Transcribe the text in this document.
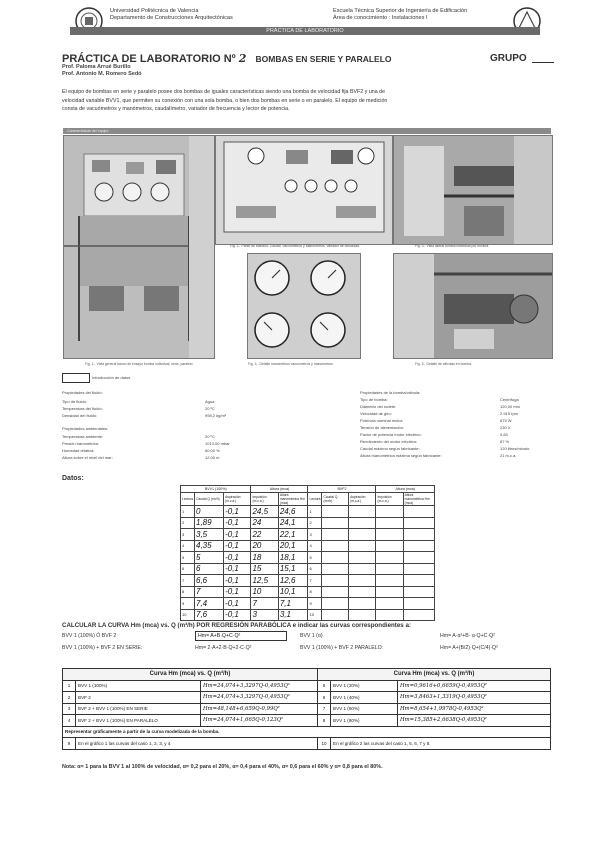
Universidad Politécnica de Valencia
Departamento de Construcciones Arquitectónicas
Escuela Técnica Superior de Ingeniería de Edificación
Área de conocimiento : Instalaciones I
PRÁCTICA DE LABORATORIO
PRÁCTICA DE LABORATORIO Nº 2 BOMBAS EN SERIE Y PARALELO	GRUPO
Prof. Paloma Arrué Burillo
Prof. Antonio M. Romero Sedó
El equipo de bombas en serie y paralelo posee dos bombas de iguales características siendo una bomba de velocidad fija BVF2 y una de
velocidad variable BVV1, que permiten su conexión con una sola bomba, o bien dos bombas en serie o en paralelo. El equipo de medición
consta de vacuómetros y manómetros, caudalímetro, variador de frecuencia y lector de potencia.
Características del equipo
Fig. 1.- Vista general banco de ensayo bomba individual, serie, paralelo.
Fig. 2.- Panel de Mandos: Caudal, Vacuómetros y Manómetros, Variador de velocidad.	Fig. 3.- Vista lateral bomba individual por encima.
Fig. 4.- Detalle manómetros vacuómetros y manómetros.	Fig. 5.- Detalle de válvulas en bomba.
Introducción de datos
Propiedades del fluido:
Tipo de fluido:	Agua
Temperatura del fluido:	20 ºC
Densidad del fluido:	998,2 kg/m³
Propiedades ambientales:
Temperatura ambiente:	20 ºC
Presión barométrica:	1013,00 mbar
Humedad relativa:	60,00 %
Altura sobre el nivel del mar:	12,00 m
Propiedades de la bomba/válvula:
Tipo de bomba:	Centrífuga
Diámetro del rodete:	120,00 mm
Velocidad de giro:	2.915 rpm
Potencia nominal motor:	675 W
Tensión de alimentación:	230 V
Factor de potencia motor eléctrico:	0,83
Rendimiento del motor eléctrico:	87 %
Caudal máximo según fabricante:	120 litros/minuto
Altura manométrica máxima según fabricante:	21 m.c.a.
Datos:
BVV1 (100%)			Altura (mca)		BVF2			Altura (mca)	
Lectura	Caudal Q (m³/h)	Aspiración (m.c.a.)	Impulsión (m.c.a.)	Altura manométrica Hm (mca)	Lectura	Caudal Q (m³/h)	Aspiración (m.c.a.)	Impulsión (m.c.a.)	Altura manométrica Hm (mca)
1	0	-0,1	24,5	24,6	1				
2	1,89	-0,1	24	24,1	2				
3	3,5	-0,1	22	22,1	3				
4	4,35	-0,1	20	20,1	4				
5	5	-0,1	18	18,1	5				
6	6	-0,1	15	15,1	6				
7	6,6	-0,1	12,5	12,6	7				
8	7	-0,1	10	10,1	8				
9	7,4	-0,1	7	7,1	9				
10	7,6	-0,1	3	3,1	10				
CALCULAR LA CURVA Hm (mca) vs. Q (m³/h) POR REGRESIÓN PARABÓLICA e indicar las curvas correspondientes a:
BVV 1 (100%) Ó BVF 2	Hm= A+B·Q+C·Q²	BVV 1 (α)	Hm= A·α²+B· α·Q+C·Q²
BVV 1 (100%) + BVF 2 EN SERIE:	Hm= 2·A+2·B·Q+2·C·Q²	BVV 1 (100%) + BVF 2 PARALELO:	Hm= A+(B/2)·Q+(C/4)·Q²
Curva Hm (mca) vs. Q (m³/h)			Curva Hm (mca) vs. Q (m³/h)		
1	BVV 1 (100%)	Hm=24,074+3,3297Q-0,4953Q²	5	BVV 1 (20%)	Hm=0,9616+0,6659Q-0,4953Q²
2	BVF 2	Hm=24,074+3,3297Q-0,4953Q²	6	BVV 1 (40%)	Hm=3,8463+1,3319Q-0,4953Q²
3	BVF 2 + BVV 1 (100%) EN SERIE	Hm=48,148+6,659Q-0,99Q²	7	BVV 1 (60%)	Hm=8,654+1,9978Q-0,4953Q²
4	BVF 2 + BVV 1 (100%) EN PARALELO	Hm=24,074+1,665Q-0,123Q²	8	BVV 1 (80%)	Hm=15,385+2,6638Q-0,4953Q²
Representar gráficamente a partir de la curva modelizada de la bomba.					
9	En el gráfico 1 las curvas del caso 1, 2, 3, y 4		10	En el gráfico 2 las curvas del caso 1, 5, 6, 7 y 8.	
Nota: α= 1 para la BVV 1 al 100% de velocidad, α= 0,2 para el 20%, α= 0,4 para el 40%, α= 0,6 para el 60% y α= 0,8 para el 80%.
